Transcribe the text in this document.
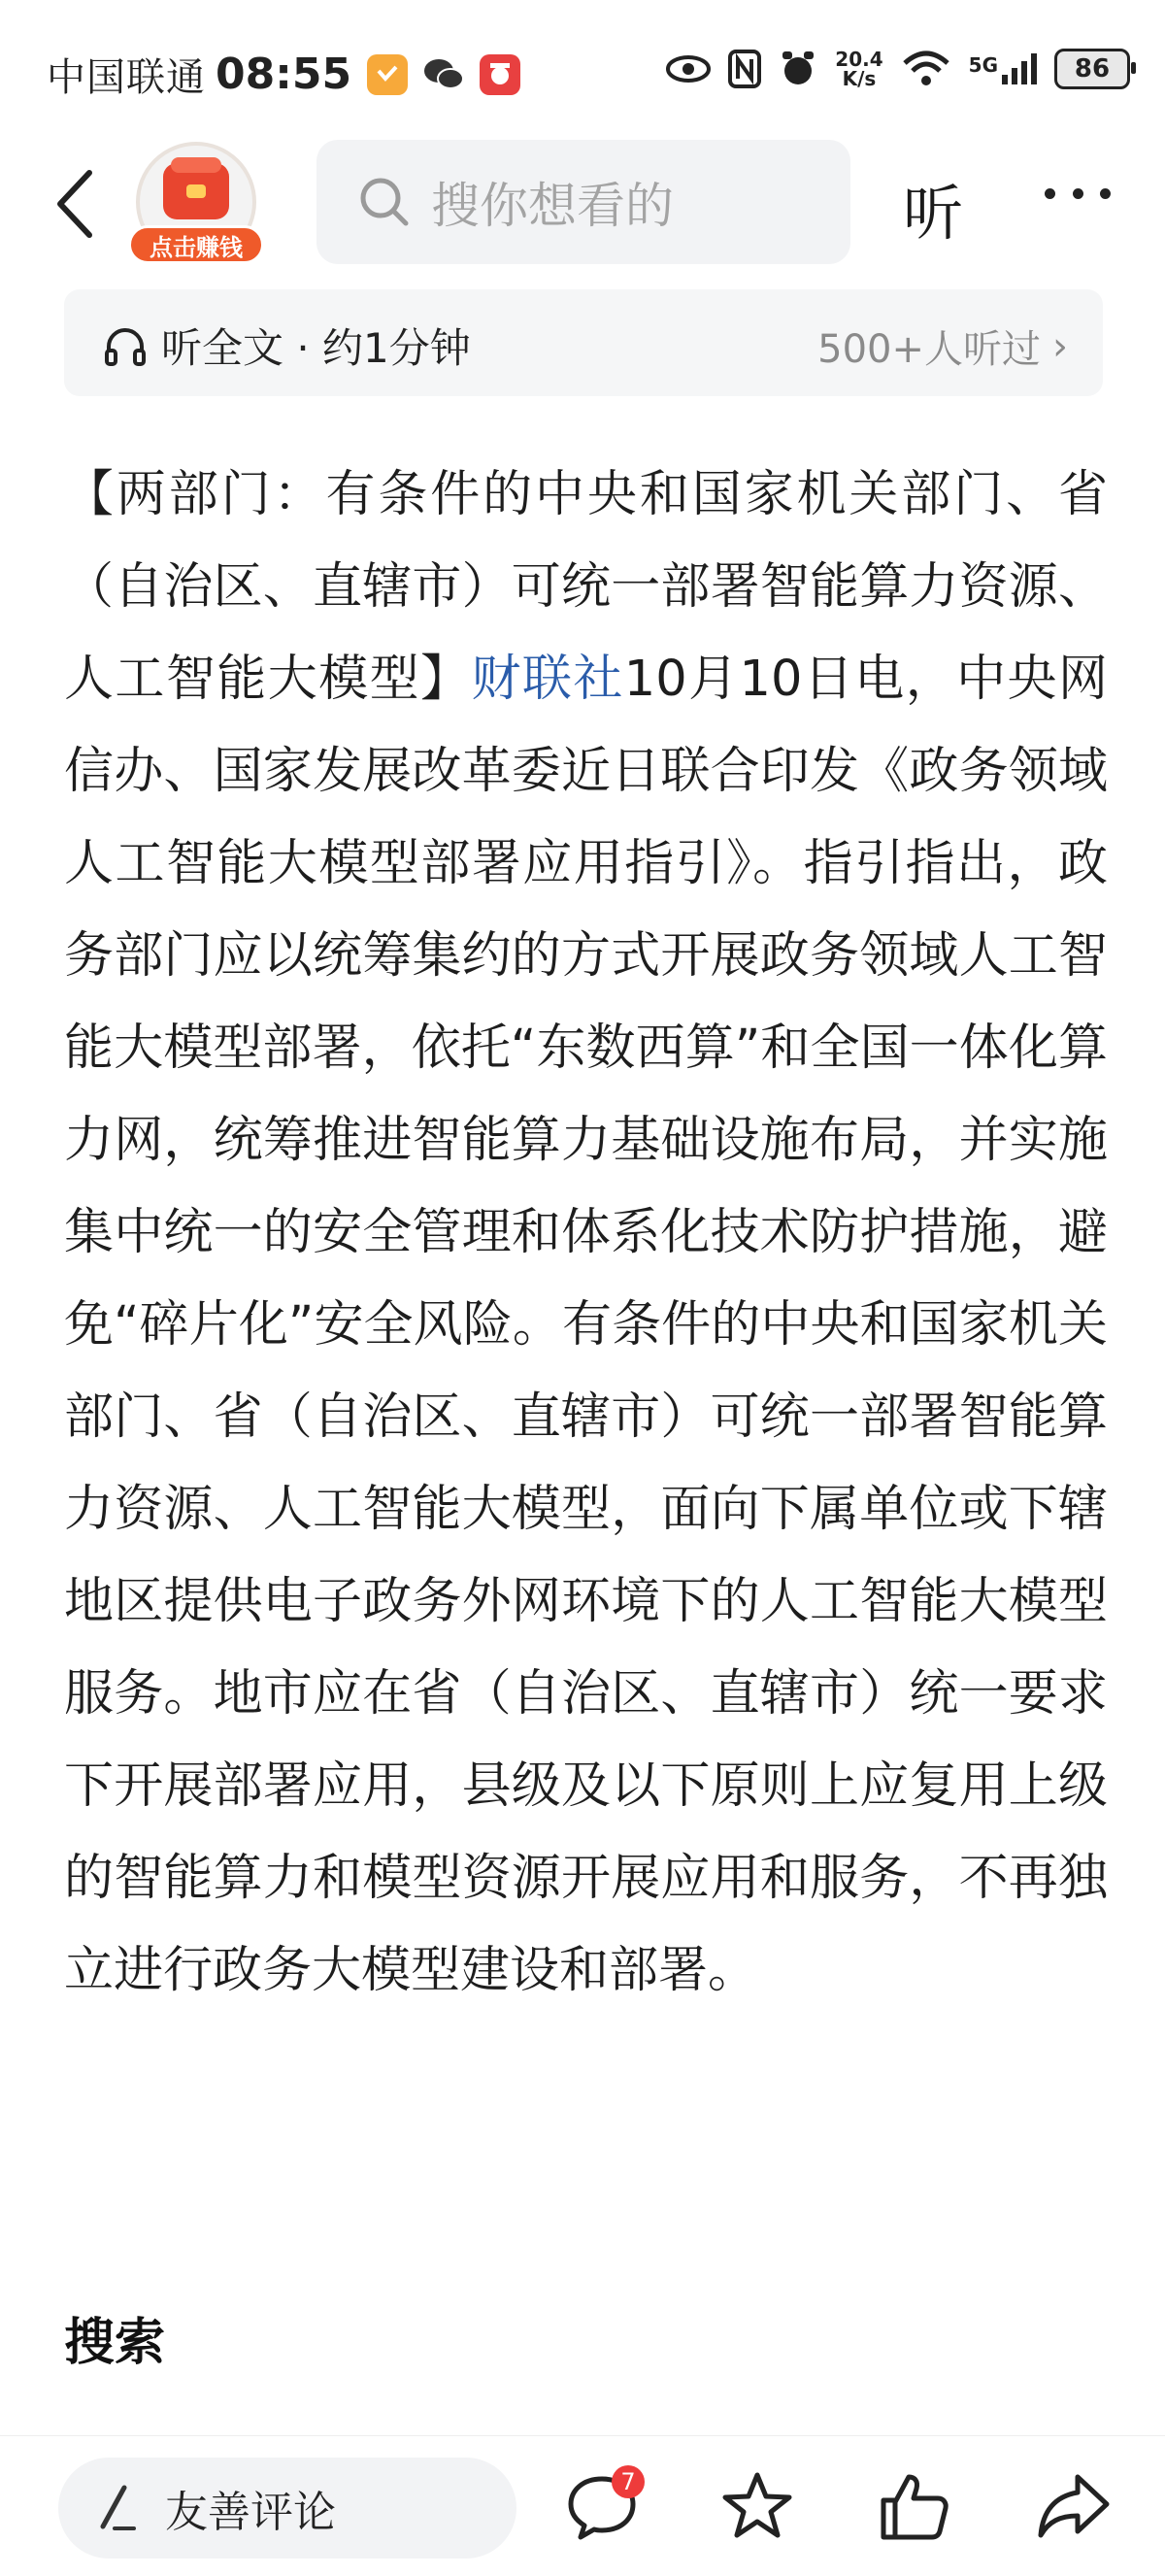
中国联通 08:55	20.4
K/s
5G	86
点击赚钱
搜你想看的	听
听全文 · 约1分钟	500+人听过 ›

【两部门：有条件的中央和国家机关部门、省（自治区、直辖市）可统一部署智能算力资源、人工智能大模型】财联社10月10日电，中央网信办、国家发展改革委近日联合印发《政务领域人工智能大模型部署应用指引》。指引指出，政务部门应以统筹集约的方式开展政务领域人工智能大模型部署，依托“东数西算”和全国一体化算力网，统筹推进智能算力基础设施布局，并实施集中统一的安全管理和体系化技术防护措施，避免“碎片化”安全风险。有条件的中央和国家机关部门、省（自治区、直辖市）可统一部署智能算力资源、人工智能大模型，面向下属单位或下辖地区提供电子政务外网环境下的人工智能大模型服务。地市应在省（自治区、直辖市）统一要求下开展部署应用，县级及以下原则上应复用上级的智能算力和模型资源开展应用和服务，不再独立进行政务大模型建设和部署。

搜索
友善评论
7
